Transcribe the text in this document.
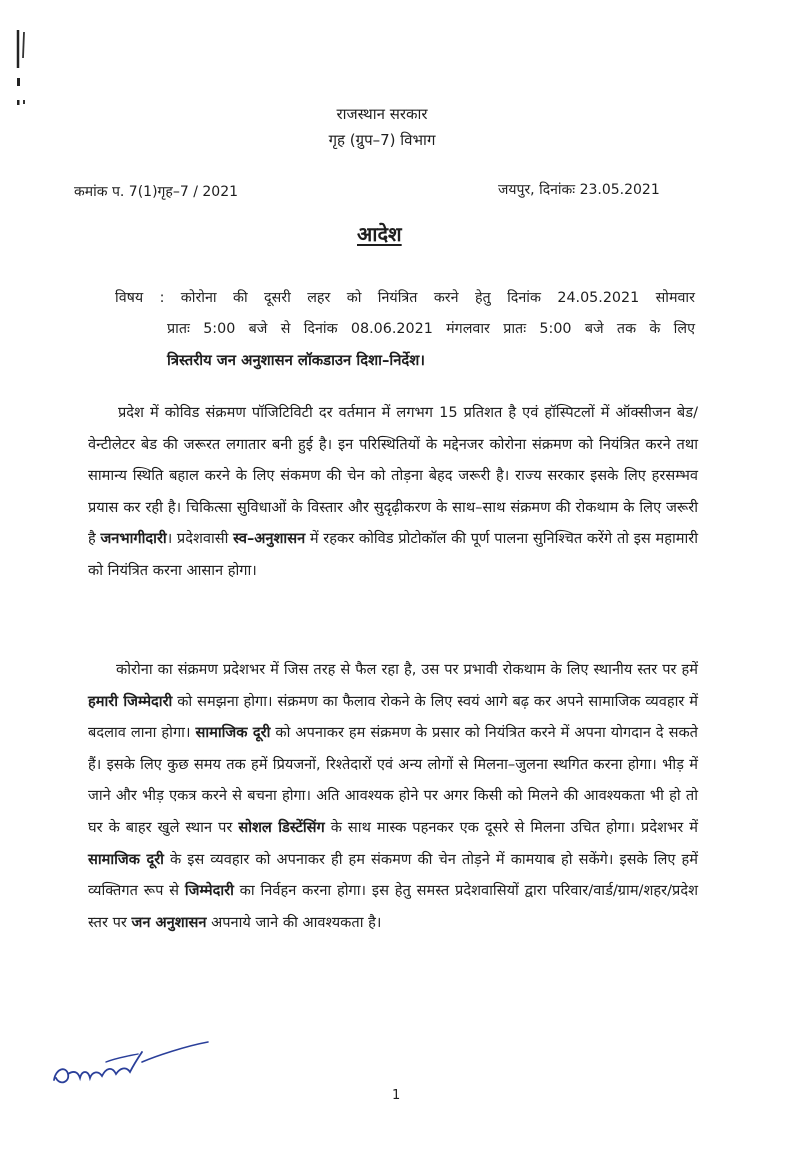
राजस्थान सरकार
गृह (ग्रुप–7) विभाग
कमांक प. 7(1)गृह–7 / 2021	जयपुर, दिनांकः 23.05.2021
आदेश
विषय : कोरोना की दूसरी लहर को नियंत्रित करने हेतु दिनांक 24.05.2021 सोमवार
प्रातः 5:00 बजे से दिनांक 08.06.2021 मंगलवार प्रातः 5:00 बजे तक के लिए
त्रिस्तरीय जन अनुशासन लॉकडाउन दिशा–निर्देश।
प्रदेश में कोविड संक्रमण पॉजिटिविटी दर वर्तमान में लगभग 15 प्रतिशत है एवं हॉस्पिटलों में ऑक्सीजन बेड/वेन्टीलेटर बेड की जरूरत लगातार बनी हुई है। इन परिस्थितियों के मद्देनजर कोरोना संक्रमण को नियंत्रित करने तथा सामान्य स्थिति बहाल करने के लिए संकमण की चेन को तोड़ना बेहद जरूरी है। राज्य सरकार इसके लिए हरसम्भव प्रयास कर रही है। चिकित्सा सुविधाओं के विस्तार और सुदृढ़ीकरण के साथ–साथ संक्रमण की रोकथाम के लिए जरूरी है जनभागीदारी। प्रदेशवासी स्व–अनुशासन में रहकर कोविड प्रोटोकॉल की पूर्ण पालना सुनिश्चित करेंगे तो इस महामारी को नियंत्रित करना आसान होगा।
कोरोना का संक्रमण प्रदेशभर में जिस तरह से फैल रहा है, उस पर प्रभावी रोकथाम के लिए स्थानीय स्तर पर हमें हमारी जिम्मेदारी को समझना होगा। संक्रमण का फैलाव रोकने के लिए स्वयं आगे बढ़ कर अपने सामाजिक व्यवहार में बदलाव लाना होगा। सामाजिक दूरी को अपनाकर हम संक्रमण के प्रसार को नियंत्रित करने में अपना योगदान दे सकते हैं। इसके लिए कुछ समय तक हमें प्रियजनों, रिश्तेदारों एवं अन्य लोगों से मिलना–जुलना स्थगित करना होगा। भीड़ में जाने और भीड़ एकत्र करने से बचना होगा। अति आवश्यक होने पर अगर किसी को मिलने की आवश्यकता भी हो तो घर के बाहर खुले स्थान पर सोशल डिस्टेंसिंग के साथ मास्क पहनकर एक दूसरे से मिलना उचित होगा। प्रदेशभर में सामाजिक दूरी के इस व्यवहार को अपनाकर ही हम संकमण की चेन तोड़ने में कामयाब हो सकेंगे। इसके लिए हमें व्यक्तिगत रूप से जिम्मेदारी का निर्वहन करना होगा। इस हेतु समस्त प्रदेशवासियों द्वारा परिवार/वार्ड/ग्राम/शहर/प्रदेश स्तर पर जन अनुशासन अपनाये जाने की आवश्यकता है।
1
